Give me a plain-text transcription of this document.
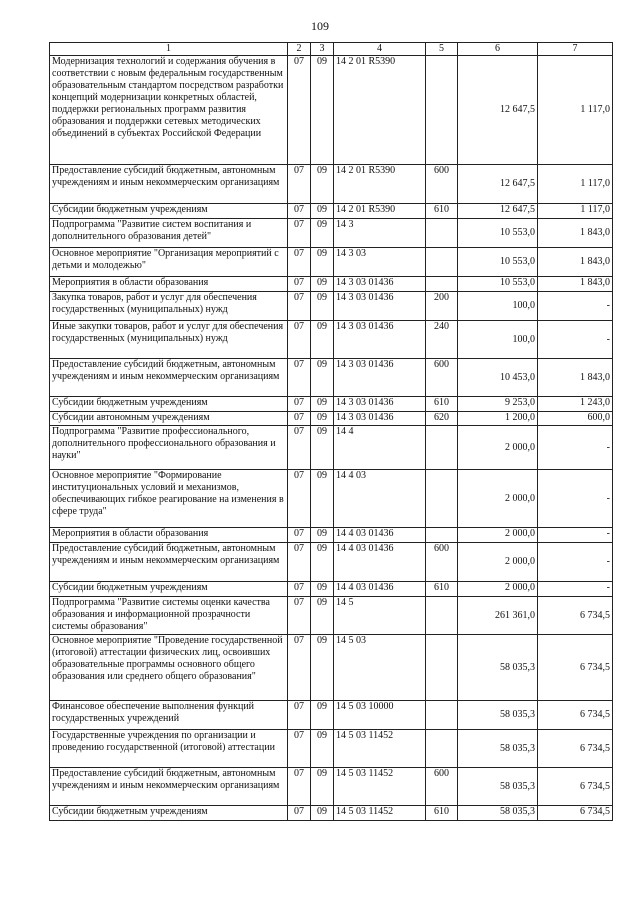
109
1	2	3	4	5	6	7
Модернизация технологий и содержания обучения в соответствии с новым федеральным государственным образовательным стандартом посредством разработки концепций модернизации конкретных областей, поддержки региональных программ развития образования и поддержки сетевых методических объединений в субъектах Российской Федерации	07	09	14 2 01 R5390		12 647,5	1 117,0
Предоставление субсидий бюджетным, автономным учреждениям и иным некоммерческим организациям	07	09	14 2 01 R5390	600	12 647,5	1 117,0
Субсидии бюджетным учреждениям	07	09	14 2 01 R5390	610	12 647,5	1 117,0
Подпрограмма "Развитие систем воспитания и дополнительного образования детей"	07	09	14 3		10 553,0	1 843,0
Основное мероприятие "Организация мероприятий с детьми и молодежью"	07	09	14 3 03		10 553,0	1 843,0
Мероприятия в области образования	07	09	14 3 03 01436		10 553,0	1 843,0
Закупка товаров, работ и услуг для обеспечения государственных (муниципальных) нужд	07	09	14 3 03 01436	200	100,0	-
Иные закупки товаров, работ и услуг для обеспечения государственных (муниципальных) нужд	07	09	14 3 03 01436	240	100,0	-
Предоставление субсидий бюджетным, автономным учреждениям и иным некоммерческим организациям	07	09	14 3 03 01436	600	10 453,0	1 843,0
Субсидии бюджетным учреждениям	07	09	14 3 03 01436	610	9 253,0	1 243,0
Субсидии автономным учреждениям	07	09	14 3 03 01436	620	1 200,0	600,0
Подпрограмма "Развитие профессионального, дополнительного профессионального образования и науки"	07	09	14 4		2 000,0	-
Основное мероприятие "Формирование институциональных условий и механизмов, обеспечивающих гибкое реагирование на изменения в сфере труда"	07	09	14 4 03		2 000,0	-
Мероприятия в области образования	07	09	14 4 03 01436		2 000,0	-
Предоставление субсидий бюджетным, автономным учреждениям и иным некоммерческим организациям	07	09	14 4 03 01436	600	2 000,0	-
Субсидии бюджетным учреждениям	07	09	14 4 03 01436	610	2 000,0	-
Подпрограмма "Развитие системы оценки качества образования и информационной прозрачности системы образования"	07	09	14 5		261 361,0	6 734,5
Основное мероприятие "Проведение государственной (итоговой) аттестации физических лиц, освоивших образовательные программы основного общего образования или среднего общего образования"	07	09	14 5 03		58 035,3	6 734,5
Финансовое обеспечение выполнения функций государственных учреждений	07	09	14 5 03 10000		58 035,3	6 734,5
Государственные учреждения по организации и проведению государственной (итоговой) аттестации	07	09	14 5 03 11452		58 035,3	6 734,5
Предоставление субсидий бюджетным, автономным учреждениям и иным некоммерческим организациям	07	09	14 5 03 11452	600	58 035,3	6 734,5
Субсидии бюджетным учреждениям	07	09	14 5 03 11452	610	58 035,3	6 734,5
